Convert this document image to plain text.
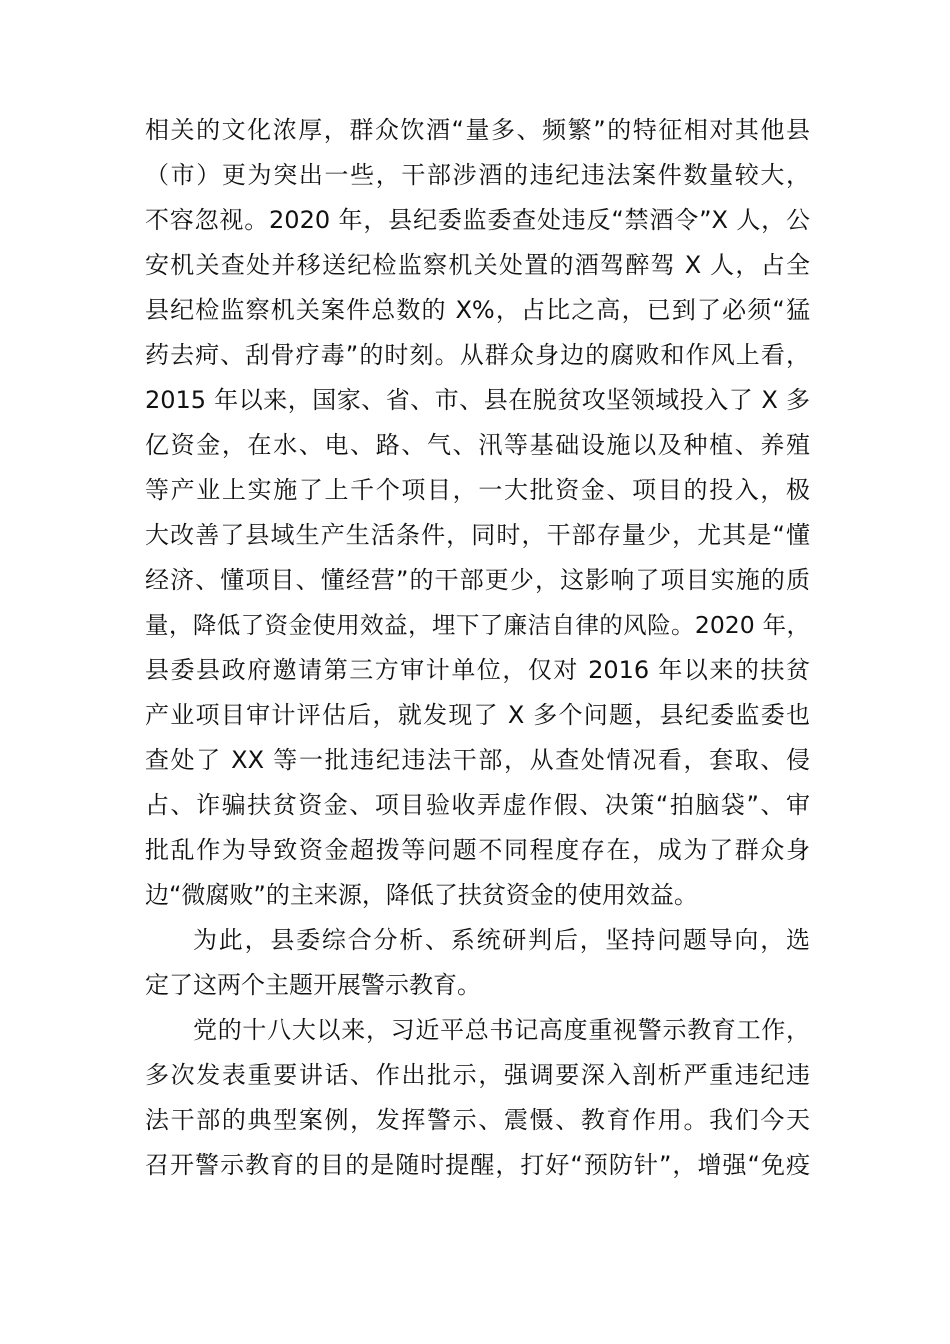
相关的文化浓厚，群众饮酒“量多、频繁”的特征相对其他县
（市）更为突出一些，干部涉酒的违纪违法案件数量较大，
不容忽视。2020 年，县纪委监委查处违反“禁酒令”X 人，公
安机关查处并移送纪检监察机关处置的酒驾醉驾 X 人，占全
县纪检监察机关案件总数的 X%，占比之高，已到了必须“猛
药去疴、刮骨疗毒”的时刻。从群众身边的腐败和作风上看，
2015 年以来，国家、省、市、县在脱贫攻坚领域投入了 X 多
亿资金，在水、电、路、气、汛等基础设施以及种植、养殖
等产业上实施了上千个项目，一大批资金、项目的投入，极
大改善了县域生产生活条件，同时，干部存量少，尤其是“懂
经济、懂项目、懂经营”的干部更少，这影响了项目实施的质
量，降低了资金使用效益，埋下了廉洁自律的风险。2020 年，
县委县政府邀请第三方审计单位，仅对 2016 年以来的扶贫
产业项目审计评估后，就发现了 X 多个问题，县纪委监委也
查处了 XX 等一批违纪违法干部，从查处情况看，套取、侵
占、诈骗扶贫资金、项目验收弄虚作假、决策“拍脑袋”、审
批乱作为导致资金超拨等问题不同程度存在，成为了群众身
边“微腐败”的主来源，降低了扶贫资金的使用效益。
为此，县委综合分析、系统研判后，坚持问题导向，选
定了这两个主题开展警示教育。
党的十八大以来，习近平总书记高度重视警示教育工作，
多次发表重要讲话、作出批示，强调要深入剖析严重违纪违
法干部的典型案例，发挥警示、震慑、教育作用。我们今天
召开警示教育的目的是随时提醒，打好“预防针”，增强“免疫
